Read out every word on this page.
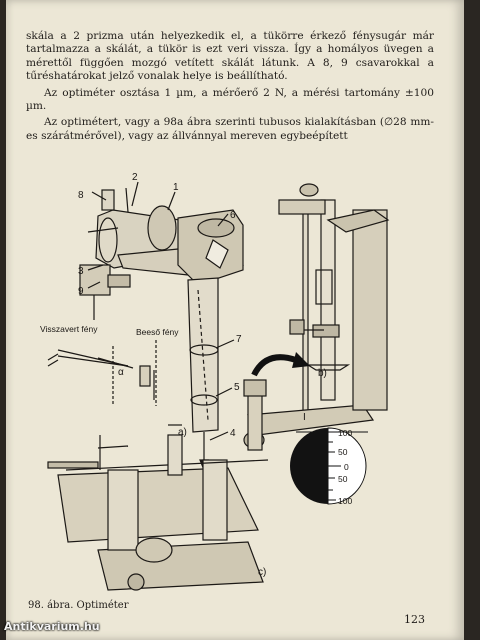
skála a 2 prizma után helyezkedik el, a tükörre érkező fénysugár már tartalmazza a skálát, a tükör is ezt veri vissza. Így a homályos üvegen a mérettől függően mozgó vetített skálát látunk. A 8, 9 csavarokkal a tűréshatárokat jelző vonalak helye is beállítható.

Az optiméter osztása 1 µm, a mérőerő 2 N, a mérési tartomány ±100 µm.

Az optimétert, vagy a 98a ábra szerinti tubusos kialakításban (∅28 mm-es szárátmérővel), vagy az állvánnyal mereven egybeépített

8
2
1
6
3
9
7
5
4
a)
b)
c)
Visszavert fény	Beeső fény
α
I
100
50
0
50
100
98. ábra. Optiméter
123
Antikvarium.hu
